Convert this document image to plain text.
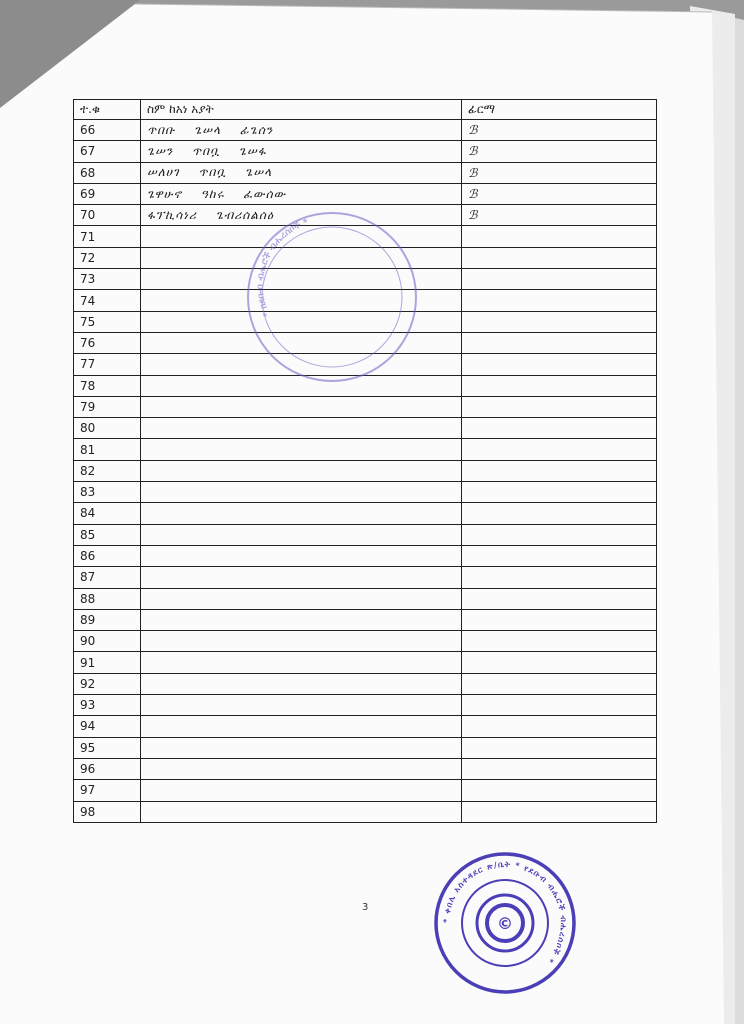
ተ.ቁ	ስም ከአነ አያት	ፊርማ
66	ጥበቡ ጌሠላ ፊጌሰን	ℬ
67	ጌሠን ጥበቧ ጌሠፋ	ℬ
68	ሠለሀገ ጥበቧ ጌሠላ	ℬ
69	ጌዋሁኖ ዓከሩ ፈውሰው	ℬ
70	ፋፕኪሳነሪ ጌብሪሰልሰዕ	ℬ
71		
72		
73		
74		
75		
76		
77		
78		
79		
80		
81		
82		
83		
84		
85		
86		
87		
88		
89		
90		
91		
92		
93		
94		
95		
96		
97		
98		
* በደቡብ ብሔሮች ብሔረሰቦች *
3
©
* ቀበሌ አስተዳደር ጽ/ቤት * የደቡብ ብሔሮች ብሔረሰቦች *
